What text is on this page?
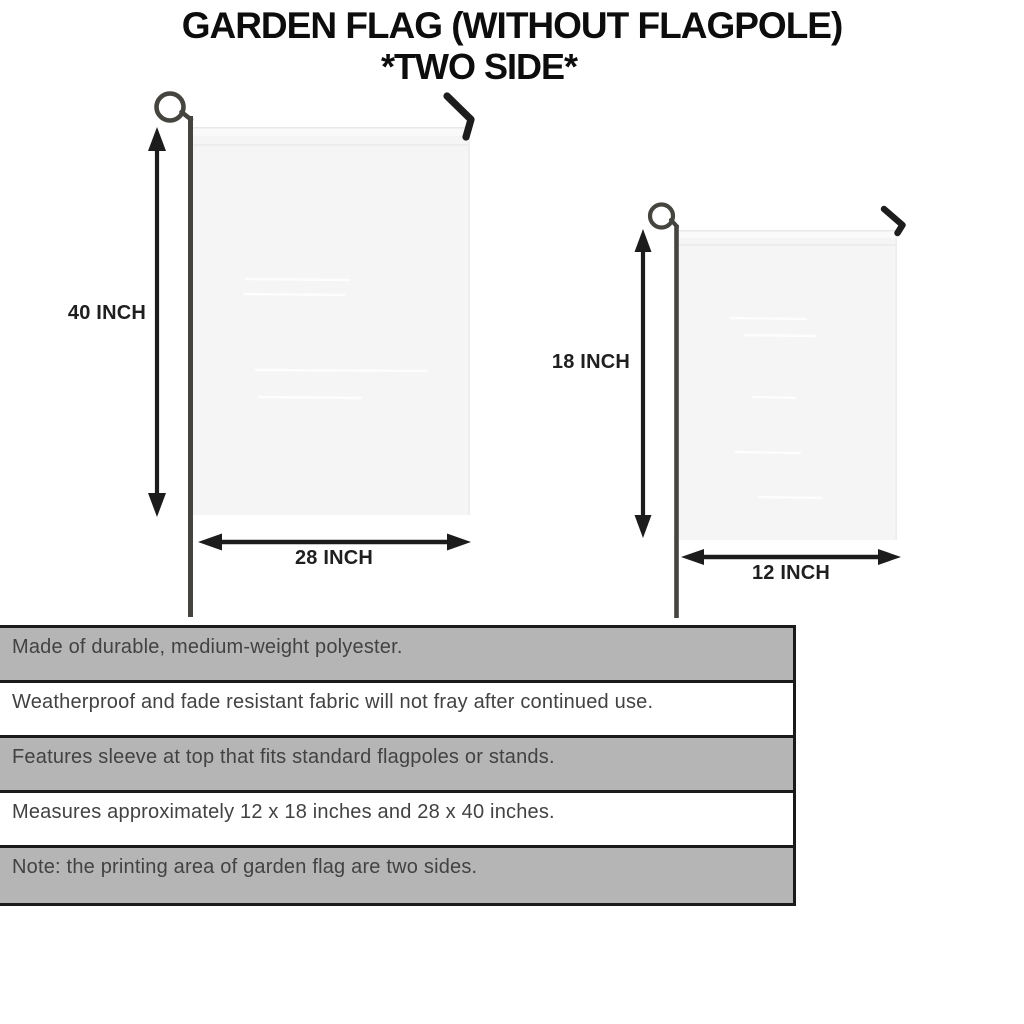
GARDEN FLAG (WITHOUT FLAGPOLE)
*TWO SIDE*
40 INCH
28 INCH
18 INCH
12 INCH
Made of durable, medium-weight polyester.
Weatherproof and fade resistant fabric will not fray after continued use.
Features sleeve at top that fits standard flagpoles or stands.
Measures approximately 12 x 18 inches and 28 x 40 inches.
Note: the printing area of garden flag are two sides.
